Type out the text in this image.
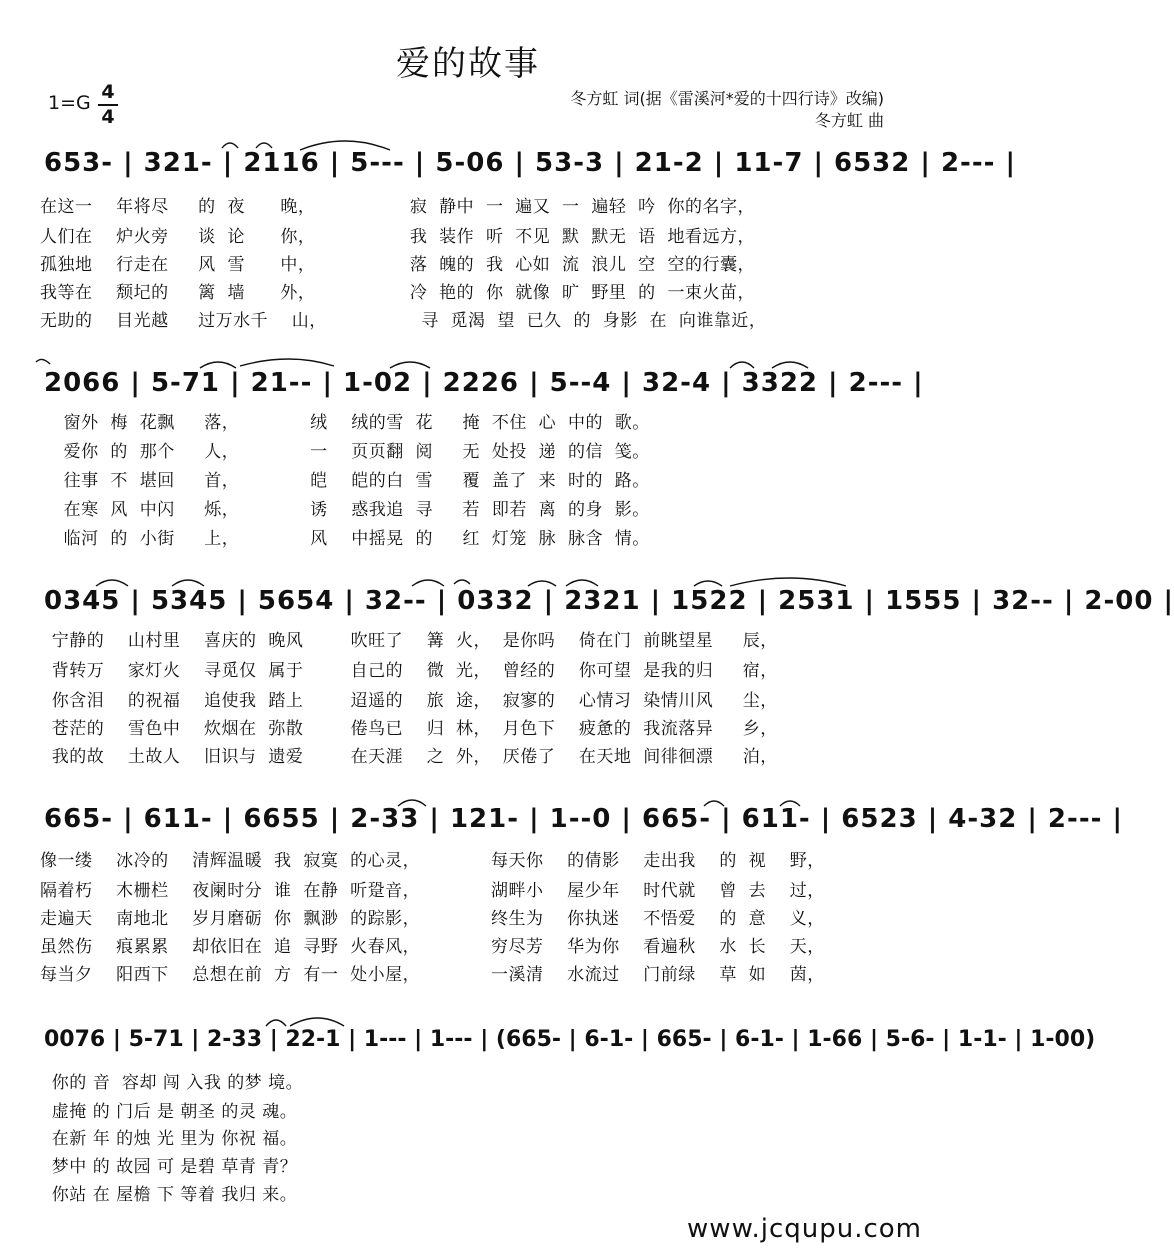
爱的故事
1=G 4
4
冬方虹 词(据《雷溪河*爱的十四行诗》改编)
冬方虹 曲
653- | 321- | 2116 | 5--- | 5-06 | 53-3 | 21-2 | 11-7 | 6532 | 2--- |
在这一    年将尽     的  夜      晚，                寂  静中  一  遍又  一  遍轻  吟  你的名字，
人们在    炉火旁     谈  论      你，                我  装作  听  不见  默  默无  语  地看远方，
孤独地    行走在     风  雪      中，                落  魄的  我  心如  流  浪儿  空  空的行囊，
我等在    颓圮的     篱  墙      外，                冷  艳的  你  就像  旷  野里  的  一束火苗，
无助的    目光越     过万水千    山，                寻  觅渴  望  已久  的  身影  在  向谁靠近，
2066 | 5-71 | 21-- | 1-02 | 2226 | 5--4 | 32-4 | 3322 | 2--- |
窗外  梅  花飘     落，            绒    绒的雪  花     掩  不住  心  中的  歌。
爱你  的  那个     人，            一    页页翻  阅     无  处投  递  的信  笺。
往事  不  堪回     首，            皑    皑的白  雪     覆  盖了  来  时的  路。
在寒  风  中闪     烁，            诱    惑我追  寻     若  即若  离  的身  影。
临河  的  小街     上，            风    中摇晃  的     红  灯笼  脉  脉含  情。
0345 | 5345 | 5654 | 32-- | 0332 | 2321 | 1522 | 2531 | 1555 | 32-- | 2-00 |
宁静的    山村里    喜庆的  晚风        吹旺了    篝  火，  是你吗    倚在门  前眺望星     辰，
背转万    家灯火    寻觅仅  属于        自己的    微  光，  曾经的    你可望  是我的归     宿，
你含泪    的祝福    追使我  踏上        迢遥的    旅  途，  寂寥的    心情习  染情川风     尘，
苍茫的    雪色中    炊烟在  弥散        倦鸟已    归  林，  月色下    疲惫的  我流落异     乡，
我的故    土故人    旧识与  遗爱        在天涯    之  外，  厌倦了    在天地  间徘徊漂     泊，
665- | 611- | 6655 | 2-33 | 121- | 1--0 | 665- | 611- | 6523 | 4-32 | 2--- |
像一缕    冰冷的    清辉温暖  我  寂寞  的心灵，            每天你    的倩影    走出我    的  视    野，
隔着朽    木栅栏    夜阑时分  谁  在静  听跫音，            湖畔小    屋少年    时代就    曾  去    过，
走遍天    南地北    岁月磨砺  你  飘渺  的踪影，            终生为    你执迷    不悟爱    的  意    义，
虽然伤    痕累累    却依旧在  追  寻野  火春风，            穷尽芳    华为你    看遍秋    水  长    天，
每当夕    阳西下    总想在前  方  有一  处小屋，            一溪清    水流过    门前绿    草  如    茵，
0076 | 5-71 | 2-33 | 22-1 | 1--- | 1--- | (665- | 6-1- | 665- | 6-1- | 1-66 | 5-6- | 1-1- | 1-00)
你的 音  容却 闯 入我 的梦 境。
虚掩 的 门后 是 朝圣 的灵 魂。
在新 年 的烛 光 里为 你祝 福。
梦中 的 故园 可 是碧 草青 青？
你站 在 屋檐 下 等着 我归 来。
www.jcqupu.com
